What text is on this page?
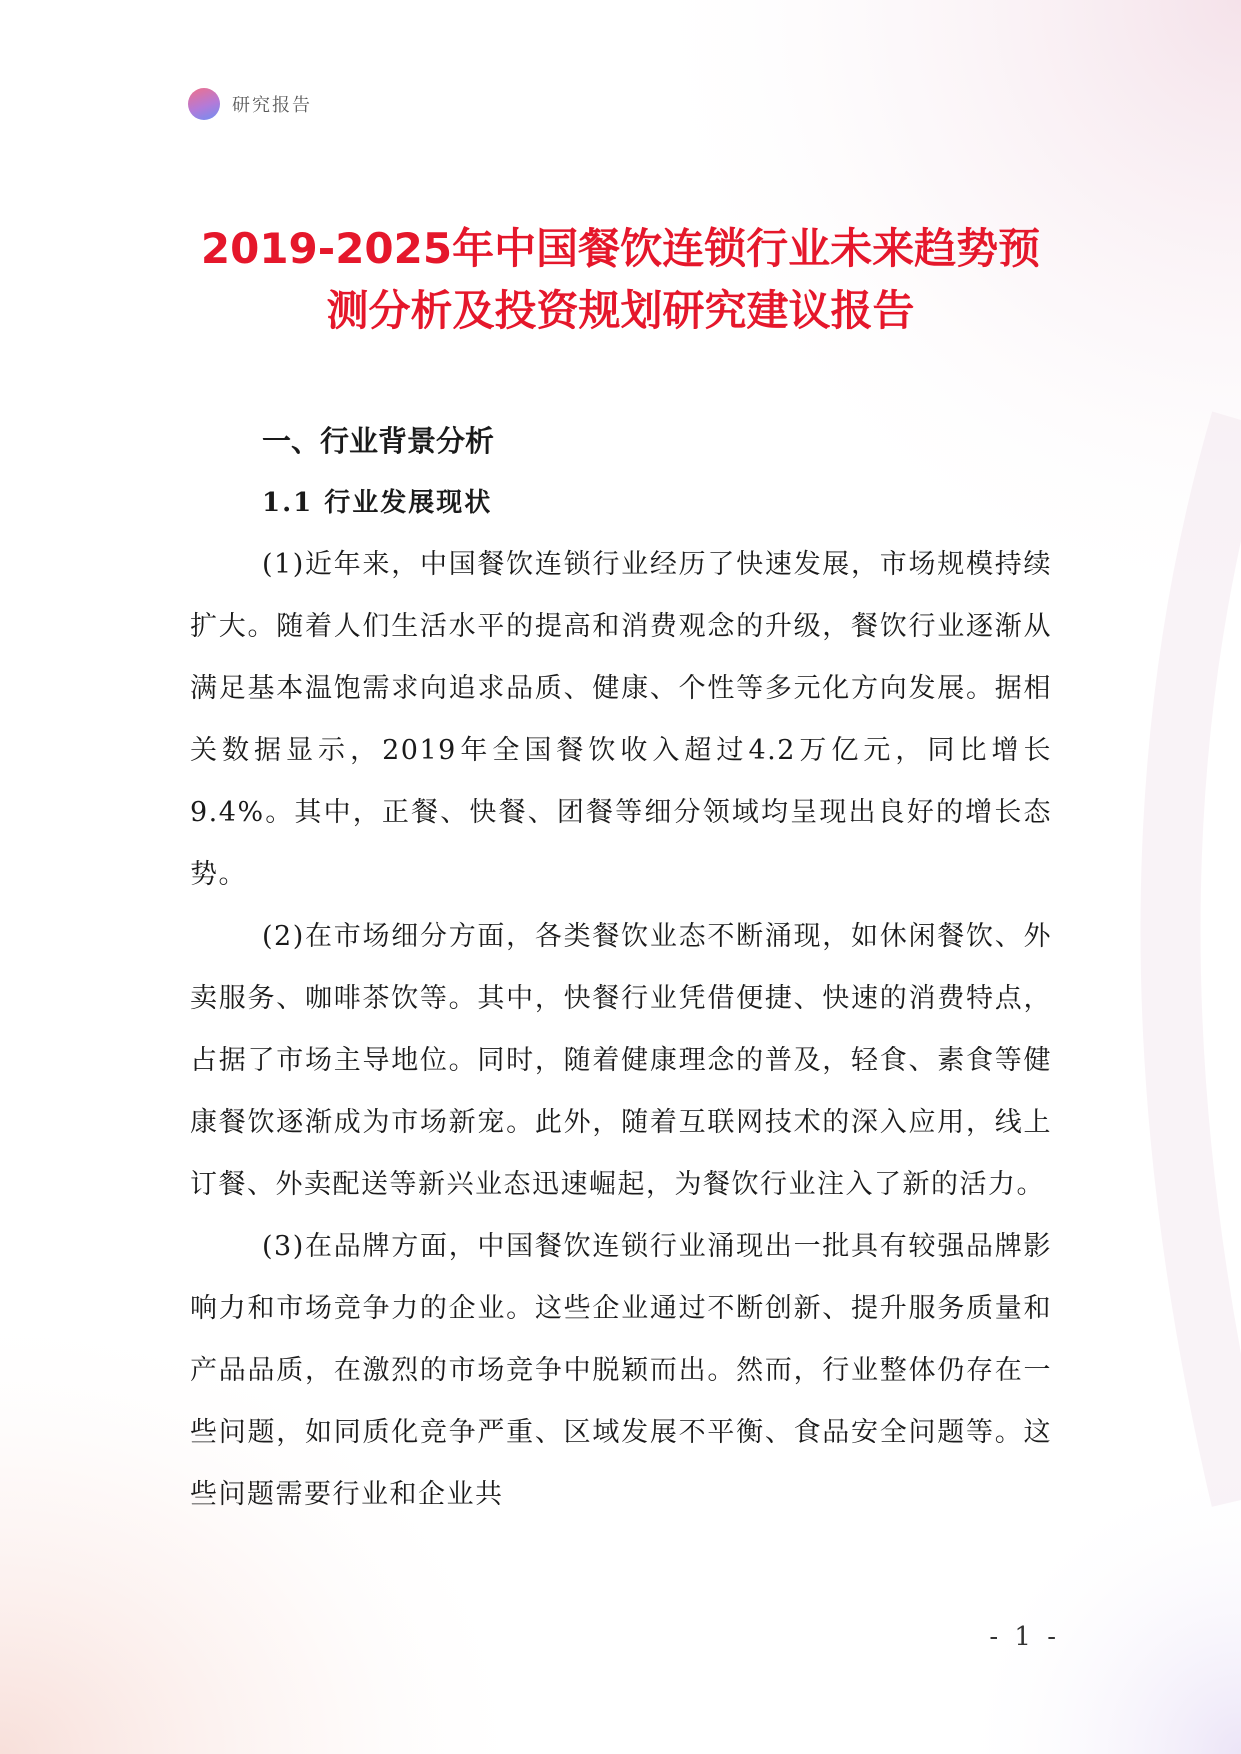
研究报告
2019-2025年中国餐饮连锁行业未来趋势预
测分析及投资规划研究建议报告
一、行业背景分析
1.1 行业发展现状

(1)近年来，中国餐饮连锁行业经历了快速发展，市场规模持续扩大。随着人们生活水平的提高和消费观念的升级，餐饮行业逐渐从满足基本温饱需求向追求品质、健康、个性等多元化方向发展。据相关数据显示，2019年全国餐饮收入超过4.2万亿元，同比增长9.4%。其中，正餐、快餐、团餐等细分领域均呈现出良好的增长态势。

(2)在市场细分方面，各类餐饮业态不断涌现，如休闲餐饮、外卖服务、咖啡茶饮等。其中，快餐行业凭借便捷、快速的消费特点，占据了市场主导地位。同时，随着健康理念的普及，轻食、素食等健康餐饮逐渐成为市场新宠。此外，随着互联网技术的深入应用，线上订餐、外卖配送等新兴业态迅速崛起，为餐饮行业注入了新的活力。

(3)在品牌方面，中国餐饮连锁行业涌现出一批具有较强品牌影响力和市场竞争力的企业。这些企业通过不断创新、提升服务质量和产品品质，在激烈的市场竞争中脱颖而出。然而，行业整体仍存在一些问题，如同质化竞争严重、区域发展不平衡、食品安全问题等。这些问题需要行业和企业共

- 1 -
